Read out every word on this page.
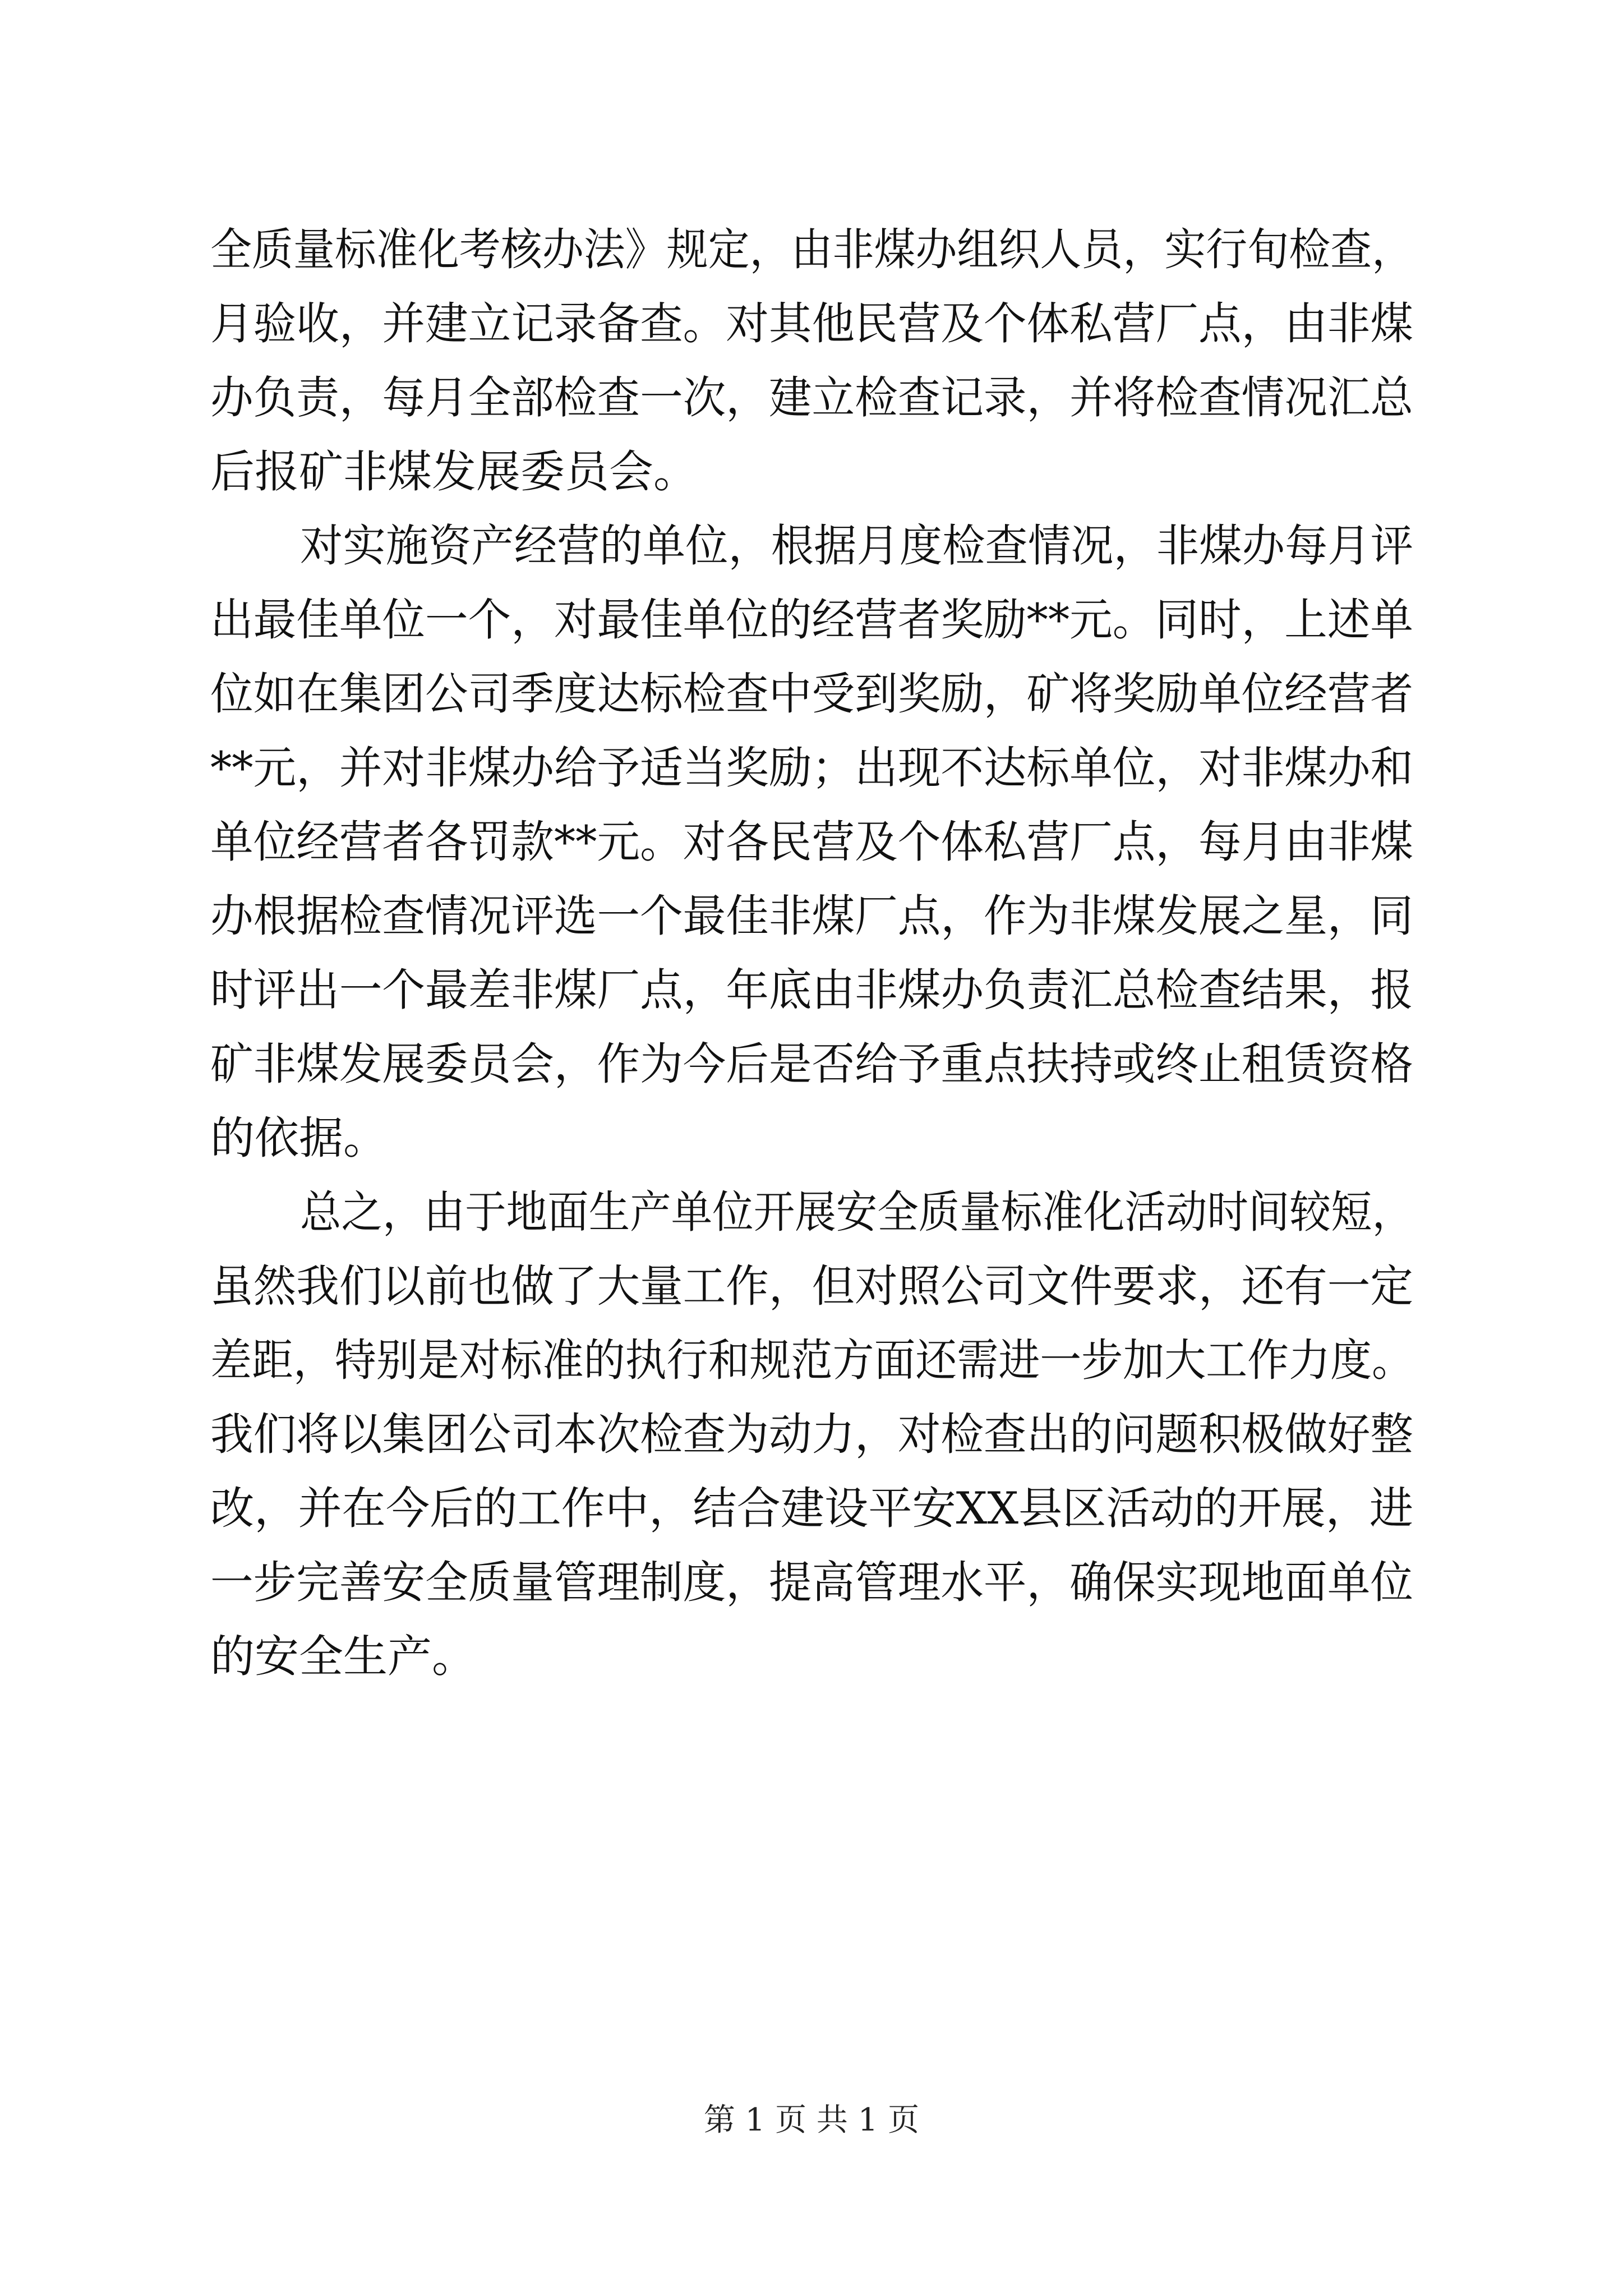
全质量标准化考核办法》规定，由非煤办组织人员，实行旬检查，
月验收，并建立记录备查。对其他民营及个体私营厂点，由非煤
办负责，每月全部检查一次，建立检查记录，并将检查情况汇总
后报矿非煤发展委员会。
对实施资产经营的单位，根据月度检查情况，非煤办每月评
出最佳单位一个，对最佳单位的经营者奖励**元。同时，上述单
位如在集团公司季度达标检查中受到奖励，矿将奖励单位经营者
**元，并对非煤办给予适当奖励；出现不达标单位，对非煤办和
单位经营者各罚款**元。对各民营及个体私营厂点，每月由非煤
办根据检查情况评选一个最佳非煤厂点，作为非煤发展之星，同
时评出一个最差非煤厂点，年底由非煤办负责汇总检查结果，报
矿非煤发展委员会，作为今后是否给予重点扶持或终止租赁资格
的依据。
总之，由于地面生产单位开展安全质量标准化活动时间较短，
虽然我们以前也做了大量工作，但对照公司文件要求，还有一定
差距，特别是对标准的执行和规范方面还需进一步加大工作力度。
我们将以集团公司本次检查为动力，对检查出的问题积极做好整
改，并在今后的工作中，结合建设平安XX县区活动的开展，进
一步完善安全质量管理制度，提高管理水平，确保实现地面单位
的安全生产。
第 1 页 共 1 页
